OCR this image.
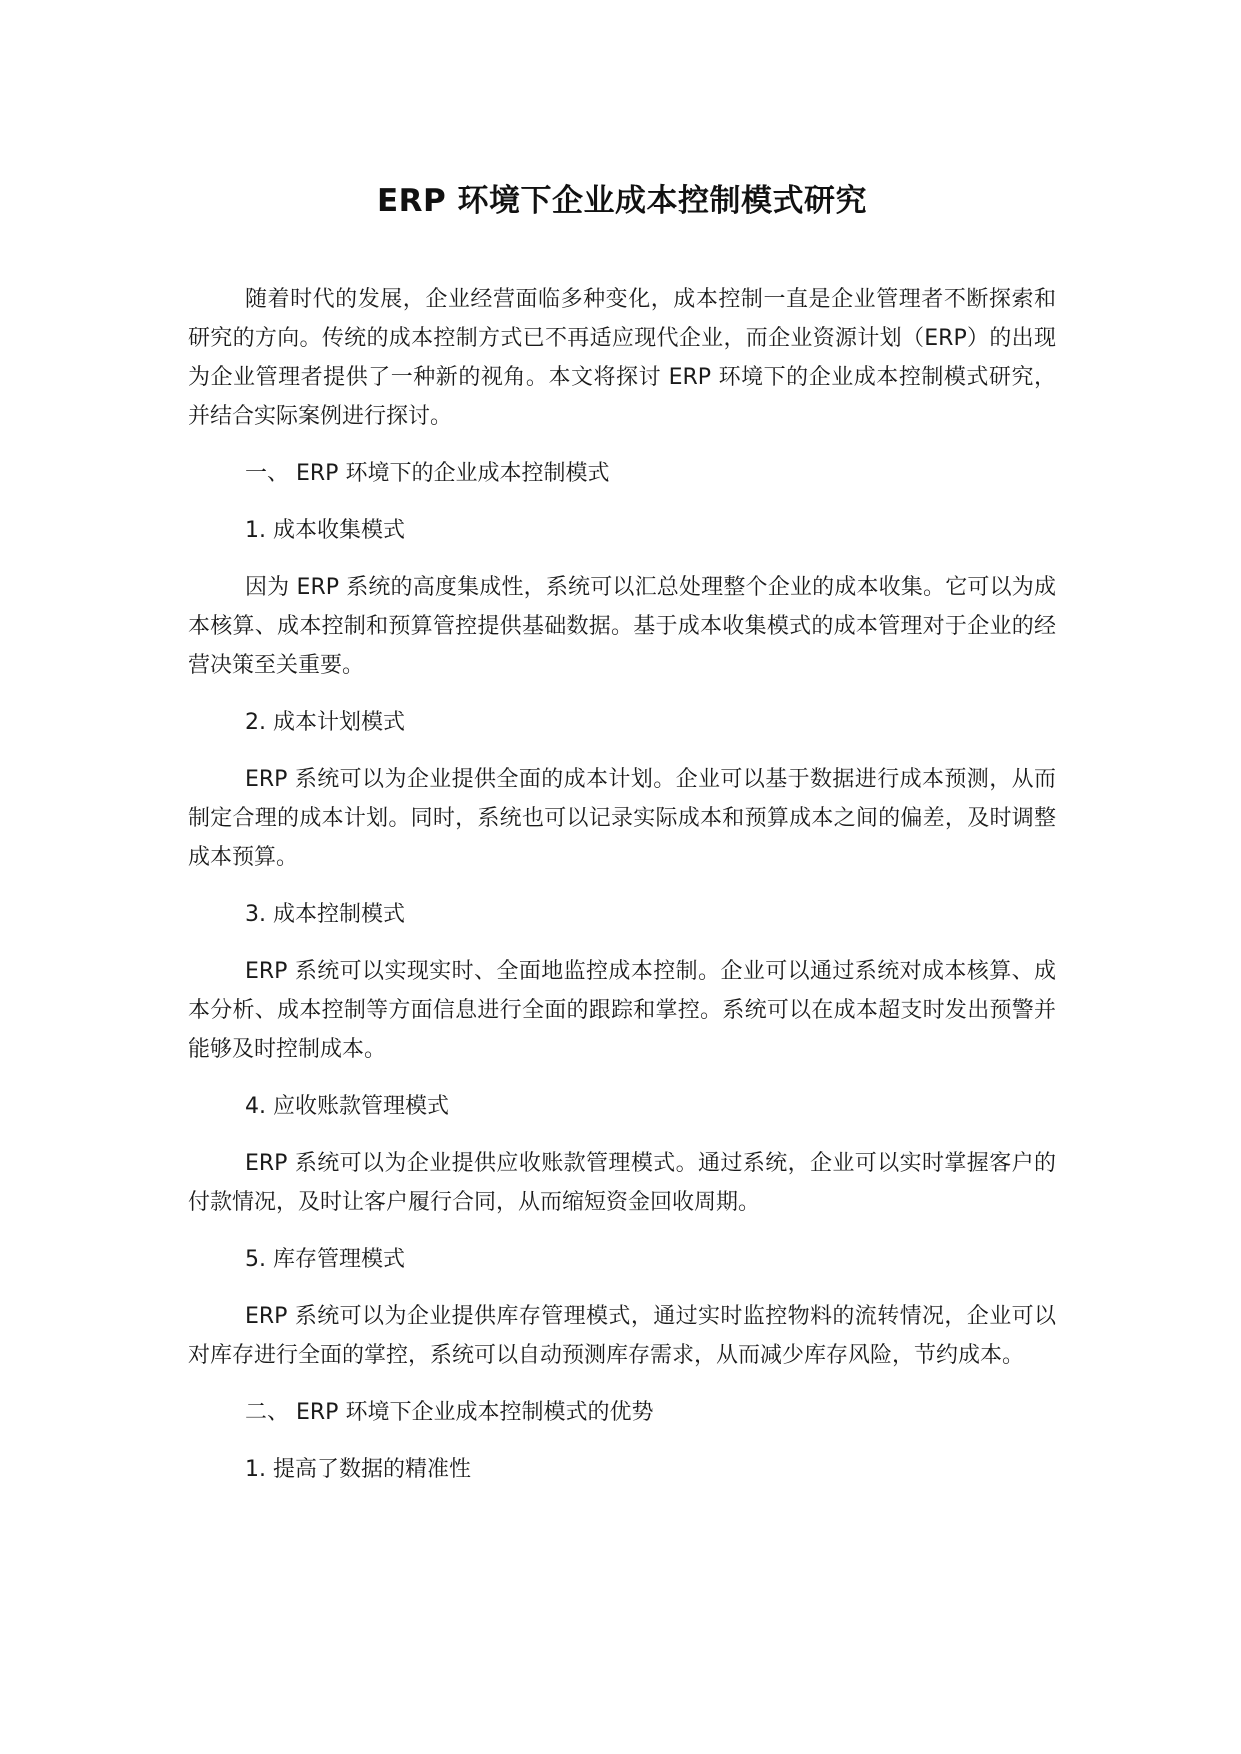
ERP 环境下企业成本控制模式研究

随着时代的发展，企业经营面临多种变化，成本控制一直是企业管理者不断探索和研究的方向。传统的成本控制方式已不再适应现代企业，而企业资源计划（ERP）的出现为企业管理者提供了一种新的视角。本文将探讨 ERP 环境下的企业成本控制模式研究，并结合实际案例进行探讨。

一、 ERP 环境下的企业成本控制模式

1. 成本收集模式

因为 ERP 系统的高度集成性，系统可以汇总处理整个企业的成本收集。它可以为成本核算、成本控制和预算管控提供基础数据。基于成本收集模式的成本管理对于企业的经营决策至关重要。

2. 成本计划模式

ERP 系统可以为企业提供全面的成本计划。企业可以基于数据进行成本预测，从而制定合理的成本计划。同时，系统也可以记录实际成本和预算成本之间的偏差，及时调整成本预算。

3. 成本控制模式

ERP 系统可以实现实时、全面地监控成本控制。企业可以通过系统对成本核算、成本分析、成本控制等方面信息进行全面的跟踪和掌控。系统可以在成本超支时发出预警并能够及时控制成本。

4. 应收账款管理模式

ERP 系统可以为企业提供应收账款管理模式。通过系统，企业可以实时掌握客户的付款情况，及时让客户履行合同，从而缩短资金回收周期。

5. 库存管理模式

ERP 系统可以为企业提供库存管理模式，通过实时监控物料的流转情况，企业可以对库存进行全面的掌控，系统可以自动预测库存需求，从而减少库存风险，节约成本。

二、 ERP 环境下企业成本控制模式的优势

1. 提高了数据的精准性
